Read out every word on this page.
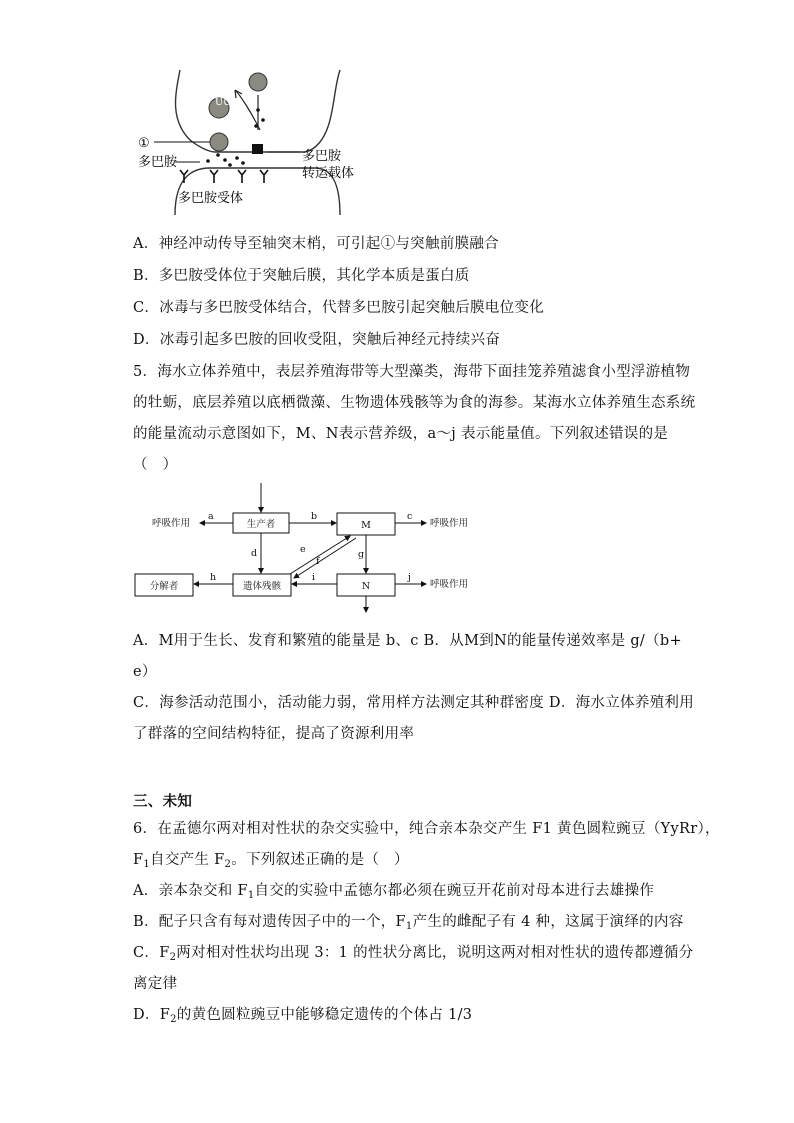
UU
①
多巴胺	多巴胺
转运载体
多巴胺受体
A．神经冲动传导至轴突末梢，可引起①与突触前膜融合
B．多巴胺受体位于突触后膜，其化学本质是蛋白质
C．冰毒与多巴胺受体结合，代替多巴胺引起突触后膜电位变化
D．冰毒引起多巴胺的回收受阻，突触后神经元持续兴奋
5．海水立体养殖中，表层养殖海带等大型藻类，海带下面挂笼养殖滤食小型浮游植物
的牡蛎，底层养殖以底栖微藻、生物遗体残骸等为食的海参。某海水立体养殖生态系统
的能量流动示意图如下，M、N表示营养级，a～j 表示能量值。下列叙述错误的是
（　）
生产者	M
遗体残骸	N
分解者
呼吸作用
a	b	c
呼吸作用
d	e
f
g
h	i	j
呼吸作用
A．M用于生长、发育和繁殖的能量是 b、c B．从M到N的能量传递效率是 g/（b+
e）
C．海参活动范围小，活动能力弱，常用样方法测定其种群密度 D．海水立体养殖利用
了群落的空间结构特征，提高了资源利用率
三、未知
6．在孟德尔两对相对性状的杂交实验中，纯合亲本杂交产生 F1 黄色圆粒豌豆（YyRr），
$F_1$自交产生 $F_2$。下列叙述正确的是（　）
A．亲本杂交和 $F_1$自交的实验中孟德尔都必须在豌豆开花前对母本进行去雄操作
B．配子只含有每对遗传因子中的一个，$F_1$产生的雌配子有 4 种，这属于演绎的内容
C．$F_2$两对相对性状均出现 3：1 的性状分离比，说明这两对相对性状的遗传都遵循分
离定律
D．$F_2$的黄色圆粒豌豆中能够稳定遗传的个体占 1/3
